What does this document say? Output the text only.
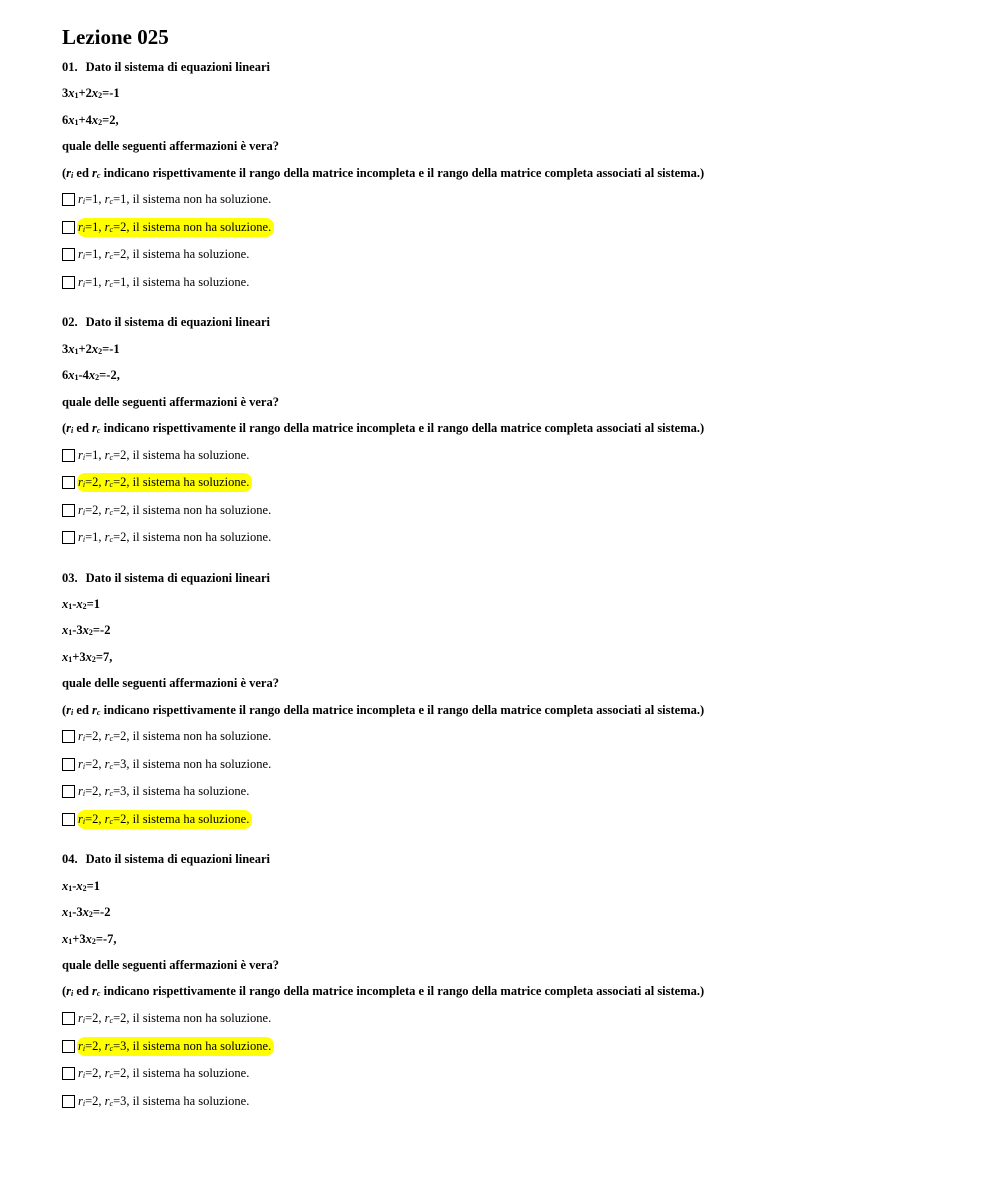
Lezione 025
01. Dato il sistema di equazioni lineari
$3x_1+2x_2=-1$
$6x_1+4x_2=2$,
quale delle seguenti affermazioni è vera?
($r_i$ ed $r_c$ indicano rispettivamente il rango della matrice incompleta e il rango della matrice completa associati al sistema.)
$r_i=1$, $r_c=1$, il sistema non ha soluzione.
$r_i=1$, $r_c=2$, il sistema non ha soluzione.
$r_i=1$, $r_c=2$, il sistema ha soluzione.
$r_i=1$, $r_c=1$, il sistema ha soluzione.
02. Dato il sistema di equazioni lineari
$3x_1+2x_2=-1$
$6x_1-4x_2=-2$,
quale delle seguenti affermazioni è vera?
($r_i$ ed $r_c$ indicano rispettivamente il rango della matrice incompleta e il rango della matrice completa associati al sistema.)
$r_i=1$, $r_c=2$, il sistema ha soluzione.
$r_i=2$, $r_c=2$, il sistema ha soluzione.
$r_i=2$, $r_c=2$, il sistema non ha soluzione.
$r_i=1$, $r_c=2$, il sistema non ha soluzione.
03. Dato il sistema di equazioni lineari
$x_1-x_2=1$
$x_1-3x_2=-2$
$x_1+3x_2=7$,
quale delle seguenti affermazioni è vera?
($r_i$ ed $r_c$ indicano rispettivamente il rango della matrice incompleta e il rango della matrice completa associati al sistema.)
$r_i=2$, $r_c=2$, il sistema non ha soluzione.
$r_i=2$, $r_c=3$, il sistema non ha soluzione.
$r_i=2$, $r_c=3$, il sistema ha soluzione.
$r_i=2$, $r_c=2$, il sistema ha soluzione.
04. Dato il sistema di equazioni lineari
$x_1-x_2=1$
$x_1-3x_2=-2$
$x_1+3x_2=-7$,
quale delle seguenti affermazioni è vera?
($r_i$ ed $r_c$ indicano rispettivamente il rango della matrice incompleta e il rango della matrice completa associati al sistema.)
$r_i=2$, $r_c=2$, il sistema non ha soluzione.
$r_i=2$, $r_c=3$, il sistema non ha soluzione.
$r_i=2$, $r_c=2$, il sistema ha soluzione.
$r_i=2$, $r_c=3$, il sistema ha soluzione.
